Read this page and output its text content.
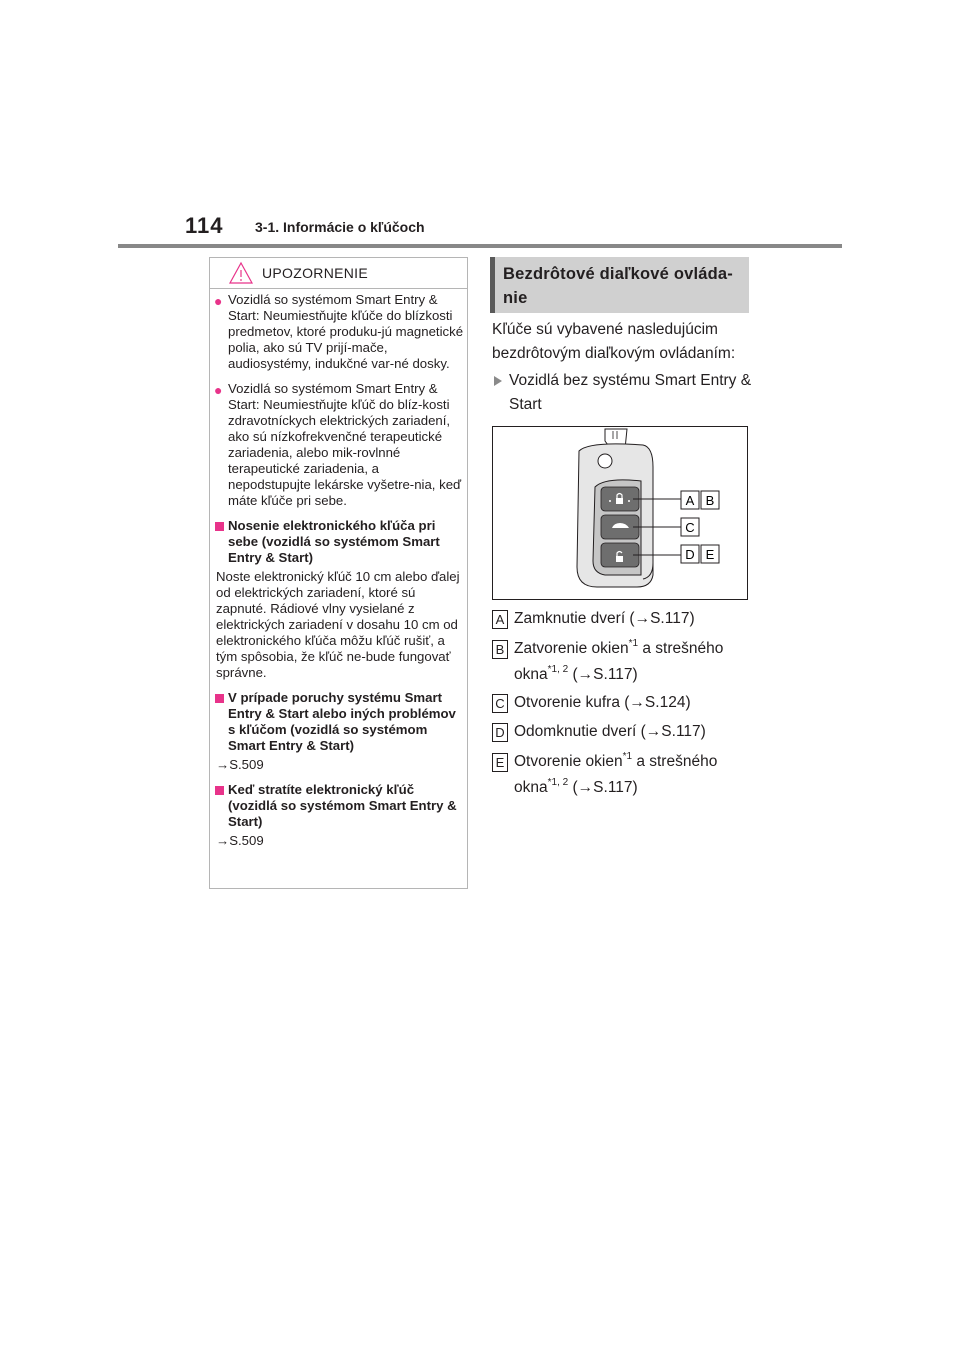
114 3-1. Informácie o kľúčoch
UPOZORNENIE
● Vozidlá so systémom Smart Entry & Start: Neumiestňujte kľúče do blízkosti predmetov, ktoré produku-jú magnetické polia, ako sú TV prijí-mače, audiosystémy, indukčné var-né dosky.
● Vozidlá so systémom Smart Entry & Start: Neumiestňujte kľúč do blíz-kosti zdravotníckych elektrických zariadení, ako sú nízkofrekvenčné terapeutické zariadenia, alebo mik-rovlnné terapeutické zariadenia, a nepodstupujte lekárske vyšetre-nia, keď máte kľúče pri sebe.
Nosenie elektronického kľúča pri sebe (vozidlá so systémom Smart Entry & Start)
Noste elektronický kľúč 10 cm alebo ďalej od elektrických zariadení, ktoré sú zapnuté. Rádiové vlny vysielané z elektrických zariadení v dosahu 10 cm od elektronického kľúča môžu kľúč rušiť, a tým spôsobia, že kľúč ne-bude fungovať správne.
V prípade poruchy systému Smart Entry & Start alebo iných problémov s kľúčom (vozidlá so systémom Smart Entry & Start)
→S.509
Keď stratíte elektronický kľúč (vozidlá so systémom Smart Entry & Start)
→S.509
Bezdrôtové diaľkové ovláda-nie
Kľúče sú vybavené nasledujúcim bezdrôtovým diaľkovým ovládaním:
Vozidlá bez systému Smart Entry & Start
A B
C
D E
A Zamknutie dverí (→S.117)
B Zatvorenie okien$^{*1}$ a strešného
okna$^{*1, 2}$ (→S.117)
C Otvorenie kufra (→S.124)
D Odomknutie dverí (→S.117)
E Otvorenie okien$^{*1}$ a strešného
okna$^{*1, 2}$ (→S.117)
